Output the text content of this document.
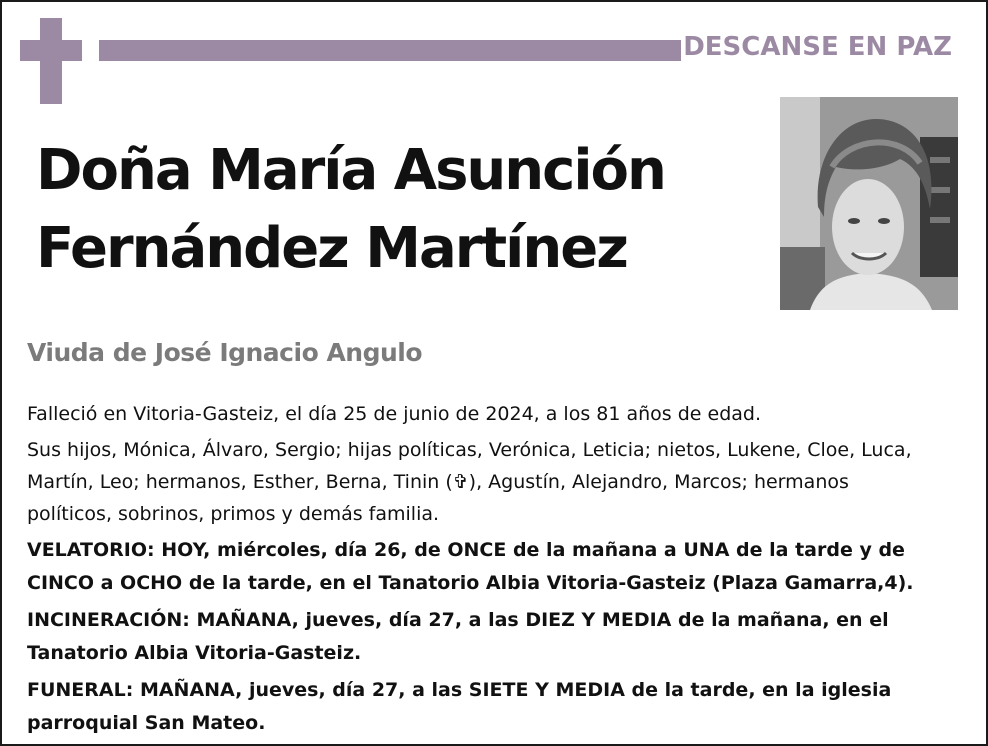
DESCANSE EN PAZ
Doña María Asunción
Fernández Martínez
Viuda de José Ignacio Angulo
Falleció en Vitoria-Gasteiz, el día 25 de junio de 2024, a los 81 años de edad.
Sus hijos, Mónica, Álvaro, Sergio; hijas políticas, Verónica, Leticia; nietos, Lukene, Cloe, Luca,
Martín, Leo; hermanos, Esther, Berna, Tinin (✞), Agustín, Alejandro, Marcos; hermanos
políticos, sobrinos, primos y demás familia.
VELATORIO: HOY, miércoles, día 26, de ONCE de la mañana a UNA de la tarde y de
CINCO a OCHO de la tarde, en el Tanatorio Albia Vitoria-Gasteiz (Plaza Gamarra,4).
INCINERACIÓN: MAÑANA, jueves, día 27, a las DIEZ Y MEDIA de la mañana, en el
Tanatorio Albia Vitoria-Gasteiz.
FUNERAL: MAÑANA, jueves, día 27, a las SIETE Y MEDIA de la tarde, en la iglesia
parroquial San Mateo.
